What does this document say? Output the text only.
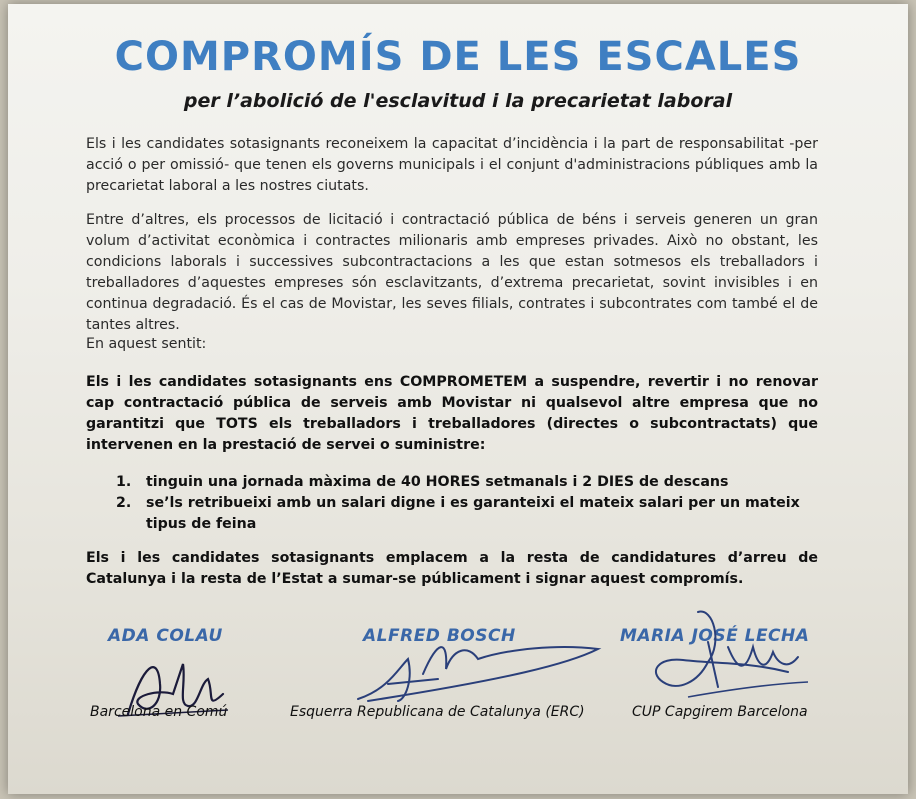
COMPROMÍS DE LES ESCALES
per l’abolició de l'esclavitud i la precarietat laboral
Els i les candidates sotasignants reconeixem la capacitat d’incidència i la part de responsabilitat -per acció o per omissió- que tenen els governs municipals i el conjunt d'administracions públiques amb la precarietat laboral a les nostres ciutats.
Entre d’altres, els processos de licitació i contractació pública de béns i serveis generen un gran volum d’activitat econòmica i contractes milionaris amb empreses privades. Això no obstant, les condicions laborals i successives subcontractacions a les que estan sotmesos els treballadors i treballadores d’aquestes empreses són esclavitzants, d’extrema precarietat, sovint invisibles i en continua degradació. És el cas de Movistar, les seves filials, contrates i subcontrates com també el de tantes altres.
En aquest sentit:
Els i les candidates sotasignants ens COMPROMETEM a suspendre, revertir i no renovar cap contractació pública de serveis amb Movistar ni qualsevol altre empresa que no garantitzi que TOTS els treballadors i treballadores (directes o subcontractats) que intervenen en la prestació de servei o suministre:
1. tinguin una jornada màxima de 40 HORES setmanals i 2 DIES de descans
2. se’ls retribueixi amb un salari digne i es garanteixi el mateix salari per un mateix tipus de feina
Els i les candidates sotasignants emplacem a la resta de candidatures d’arreu de Catalunya i la resta de l’Estat a sumar-se públicament i signar aquest compromís.
ADA COLAU
Barcelona en Comú
ALFRED BOSCH
Esquerra Republicana de Catalunya (ERC)
MARIA JOSÉ LECHA
CUP Capgirem Barcelona
